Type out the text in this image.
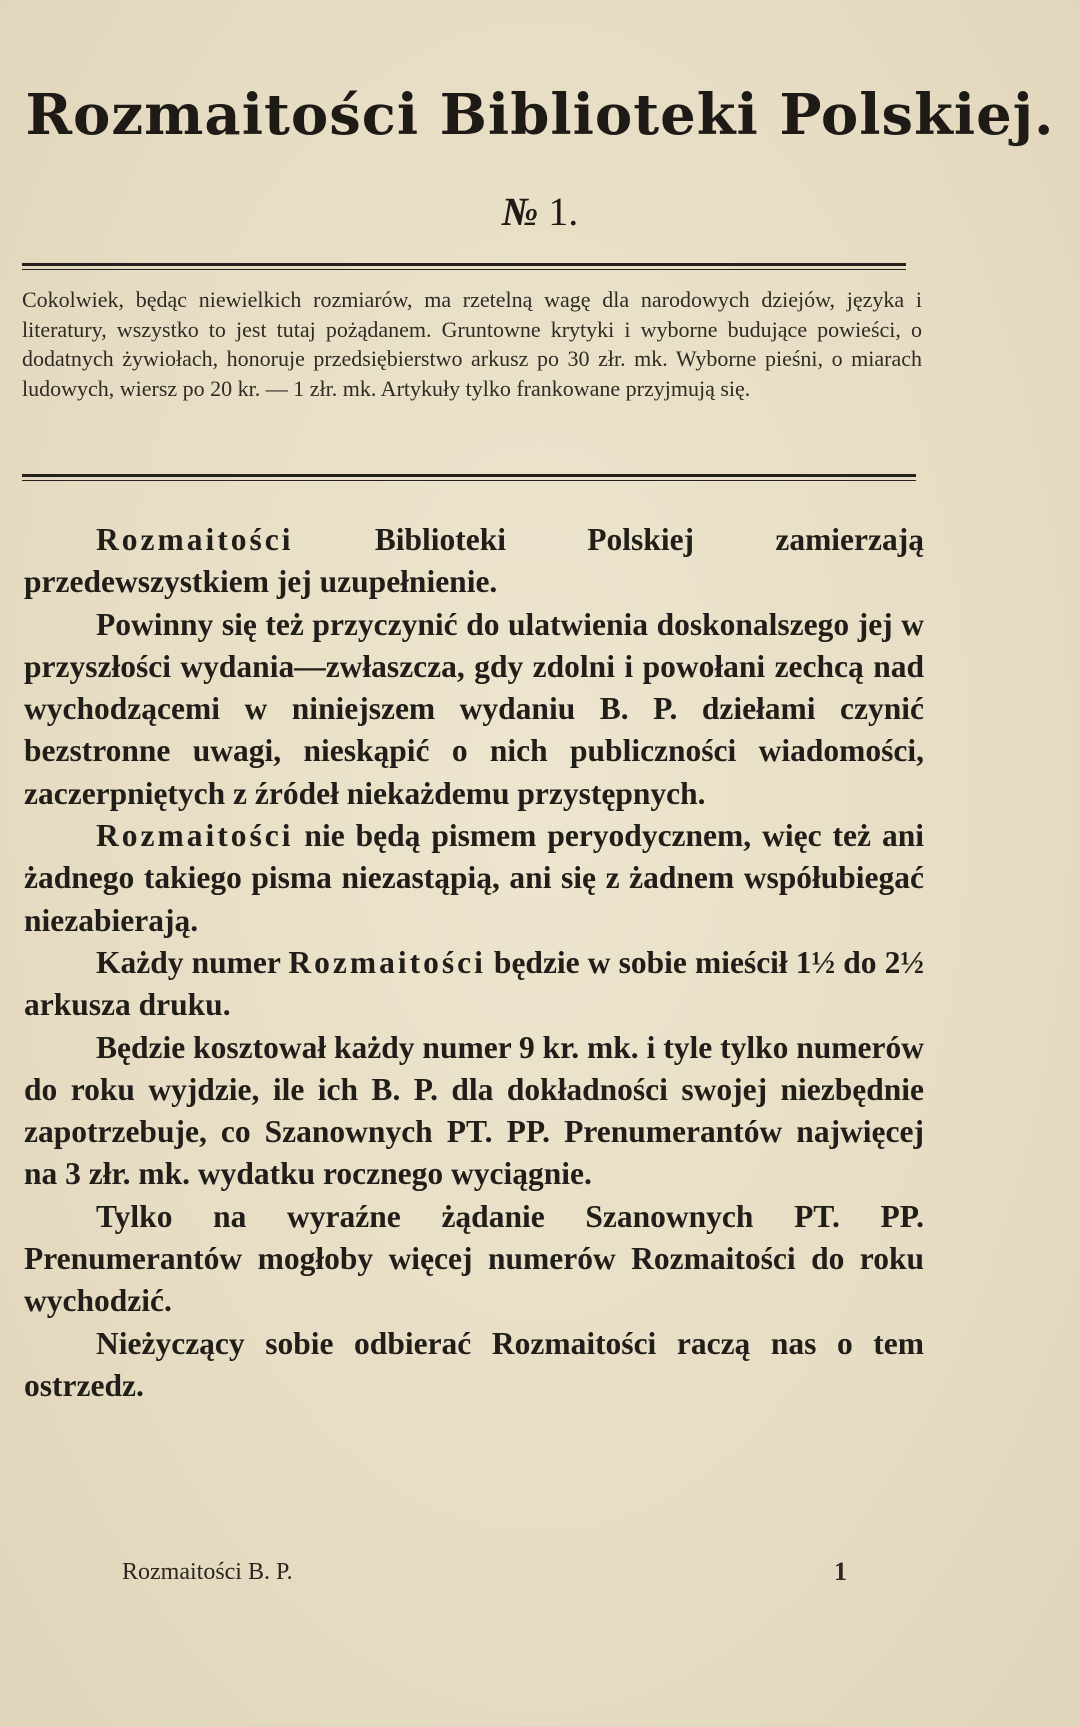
Rozmaitości Biblioteki Polskiej.
№ 1.
Cokolwiek, będąc niewielkich rozmiarów, ma rzetelną wagę dla narodowych dziejów, języka i literatury, wszystko to jest tutaj pożądanem. Gruntowne krytyki i wyborne budujące powieści, o dodatnych żywiołach, honoruje przedsiębierstwo arkusz po 30 złr. mk. Wyborne pieśni, o miarach ludowych, wiersz po 20 kr. — 1 złr. mk. Artykuły tylko frankowane przyjmują się.

Rozmaitości Biblioteki Polskiej zamierzają przedewszystkiem jej uzupełnienie.

Powinny się też przyczynić do ulatwienia doskonalszego jej w przyszłości wydania—zwłaszcza, gdy zdolni i powołani zechcą nad wychodzącemi w niniejszem wydaniu B. P. dziełami czynić bezstronne uwagi, nieskąpić o nich publiczności wiadomości, zaczerpniętych z źródeł niekażdemu przystępnych.

Rozmaitości nie będą pismem peryodycznem, więc też ani żadnego takiego pisma niezastąpią, ani się z żadnem współubiegać niezabierają.

Każdy numer Rozmaitości będzie w sobie mieścił 1½ do 2½ arkusza druku.

Będzie kosztował każdy numer 9 kr. mk. i tyle tylko numerów do roku wyjdzie, ile ich B. P. dla dokładności swojej niezbędnie zapotrzebuje, co Szanownych PT. PP. Prenumerantów najwięcej na 3 złr. mk. wydatku rocznego wyciągnie.

Tylko na wyraźne żądanie Szanownych PT. PP. Prenumerantów mogłoby więcej numerów Rozmaitości do roku wychodzić.

Nieżyczący sobie odbierać Rozmaitości raczą nas o tem ostrzedz.

Rozmaitości B. P.	1
